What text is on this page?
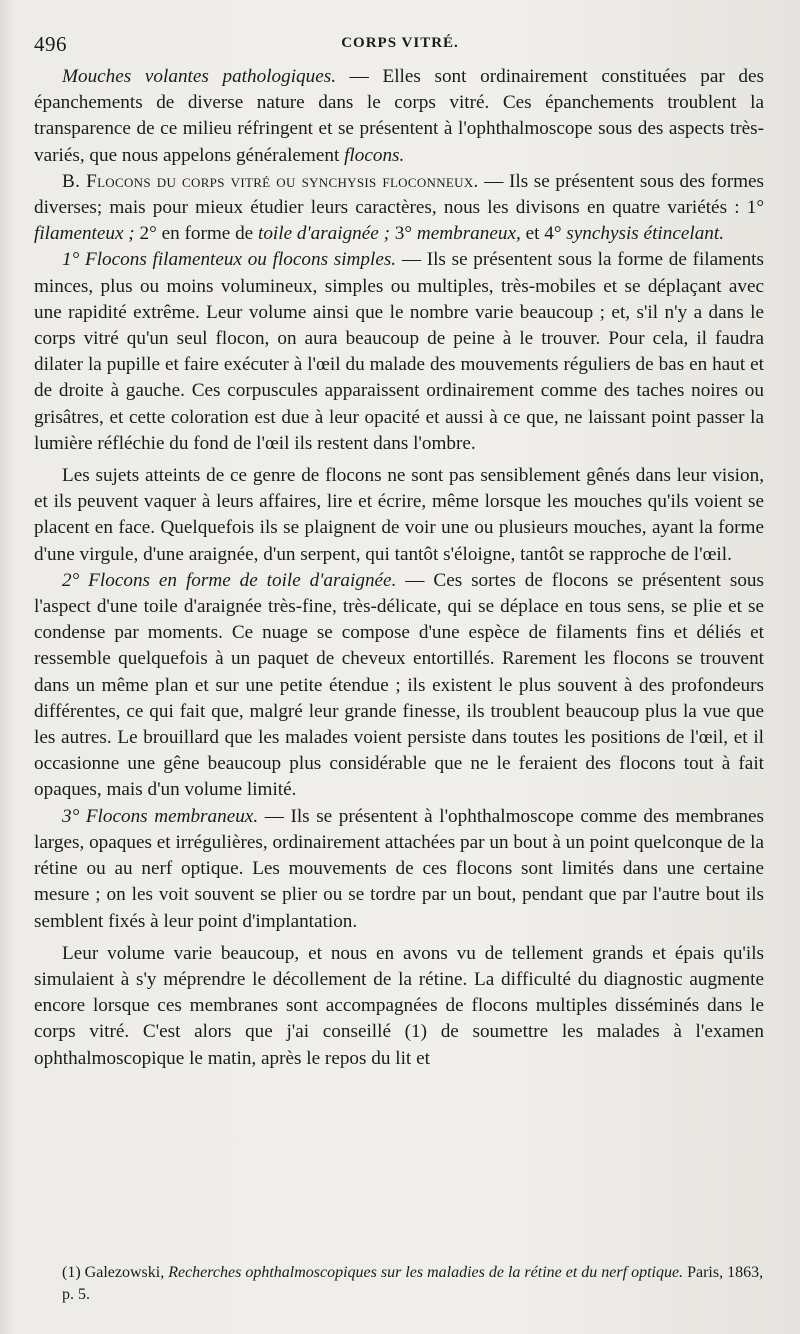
496	CORPS VITRÉ.

Mouches volantes pathologiques. — Elles sont ordinairement constituées par des épanchements de diverse nature dans le corps vitré. Ces épanchements troublent la transparence de ce milieu réfringent et se présentent à l'ophthalmoscope sous des aspects très-variés, que nous appelons généralement flocons.

B. Flocons du corps vitré ou synchysis floconneux. — Ils se présentent sous des formes diverses; mais pour mieux étudier leurs caractères, nous les divisons en quatre variétés : 1° filamenteux ; 2° en forme de toile d'araignée ; 3° membraneux, et 4° synchysis étincelant.

1° Flocons filamenteux ou flocons simples. — Ils se présentent sous la forme de filaments minces, plus ou moins volumineux, simples ou multiples, très-mobiles et se déplaçant avec une rapidité extrême. Leur volume ainsi que le nombre varie beaucoup ; et, s'il n'y a dans le corps vitré qu'un seul flocon, on aura beaucoup de peine à le trouver. Pour cela, il faudra dilater la pupille et faire exécuter à l'œil du malade des mouvements réguliers de bas en haut et de droite à gauche. Ces corpuscules apparaissent ordinairement comme des taches noires ou grisâtres, et cette coloration est due à leur opacité et aussi à ce que, ne laissant point passer la lumière réfléchie du fond de l'œil ils restent dans l'ombre.

Les sujets atteints de ce genre de flocons ne sont pas sensiblement gênés dans leur vision, et ils peuvent vaquer à leurs affaires, lire et écrire, même lorsque les mouches qu'ils voient se placent en face. Quelquefois ils se plaignent de voir une ou plusieurs mouches, ayant la forme d'une virgule, d'une araignée, d'un serpent, qui tantôt s'éloigne, tantôt se rapproche de l'œil.

2° Flocons en forme de toile d'araignée. — Ces sortes de flocons se présentent sous l'aspect d'une toile d'araignée très-fine, très-délicate, qui se déplace en tous sens, se plie et se condense par moments. Ce nuage se compose d'une espèce de filaments fins et déliés et ressemble quelquefois à un paquet de cheveux entortillés. Rarement les flocons se trouvent dans un même plan et sur une petite étendue ; ils existent le plus souvent à des profondeurs différentes, ce qui fait que, malgré leur grande finesse, ils troublent beaucoup plus la vue que les autres. Le brouillard que les malades voient persiste dans toutes les positions de l'œil, et il occasionne une gêne beaucoup plus considérable que ne le feraient des flocons tout à fait opaques, mais d'un volume limité.

3° Flocons membraneux. — Ils se présentent à l'ophthalmoscope comme des membranes larges, opaques et irrégulières, ordinairement attachées par un bout à un point quelconque de la rétine ou au nerf optique. Les mouvements de ces flocons sont limités dans une certaine mesure ; on les voit souvent se plier ou se tordre par un bout, pendant que par l'autre bout ils semblent fixés à leur point d'implantation.

Leur volume varie beaucoup, et nous en avons vu de tellement grands et épais qu'ils simulaient à s'y méprendre le décollement de la rétine. La difficulté du diagnostic augmente encore lorsque ces membranes sont accompagnées de flocons multiples disséminés dans le corps vitré. C'est alors que j'ai conseillé (1) de soumettre les malades à l'examen ophthalmoscopique le matin, après le repos du lit et

(1) Galezowski, Recherches ophthalmoscopiques sur les maladies de la rétine et du nerf optique. Paris, 1863, p. 5.
